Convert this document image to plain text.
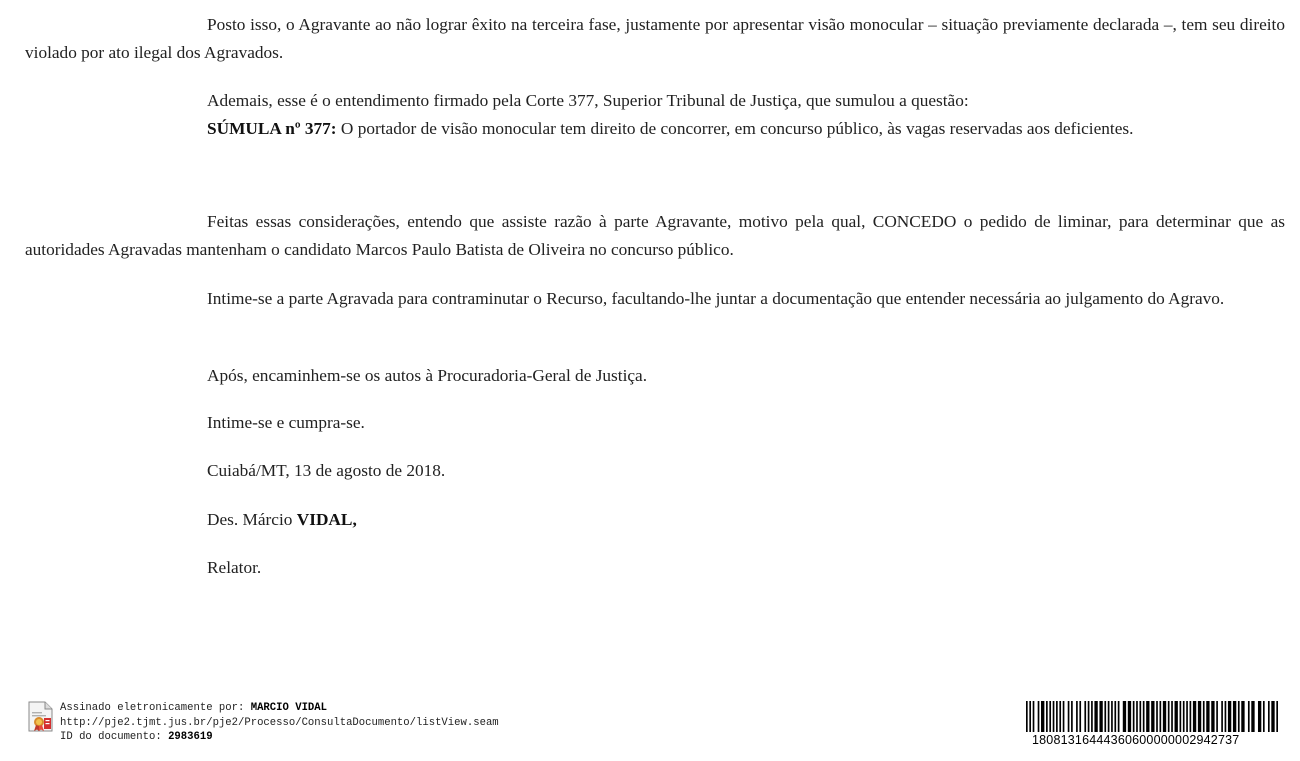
Posto isso, o Agravante ao não lograr êxito na terceira fase, justamente por apresentar visão monocular – situação previamente declarada –, tem seu direito violado por ato ilegal dos Agravados.

Ademais, esse é o entendimento firmado pela Corte 377, Superior Tribunal de Justiça, que sumulou a questão:

SÚMULA nº 377: O portador de visão monocular tem direito de concorrer, em concurso público, às vagas reservadas aos deficientes.

Feitas essas considerações, entendo que assiste razão à parte Agravante, motivo pela qual, CONCEDO o pedido de liminar, para determinar que as autoridades Agravadas mantenham o candidato Marcos Paulo Batista de Oliveira no concurso público.

Intime-se a parte Agravada para contraminutar o Recurso, facultando-lhe juntar a documentação que entender necessária ao julgamento do Agravo.

Após, encaminhem-se os autos à Procuradoria-Geral de Justiça.

Intime-se e cumpra-se.

Cuiabá/MT, 13 de agosto de 2018.

Des. Márcio VIDAL,

Relator.

Assinado eletronicamente por: MARCIO VIDAL
http://pje2.tjmt.jus.br/pje2/Processo/ConsultaDocumento/listView.seam
ID do documento: 2983619	18081316444360600000002942737
